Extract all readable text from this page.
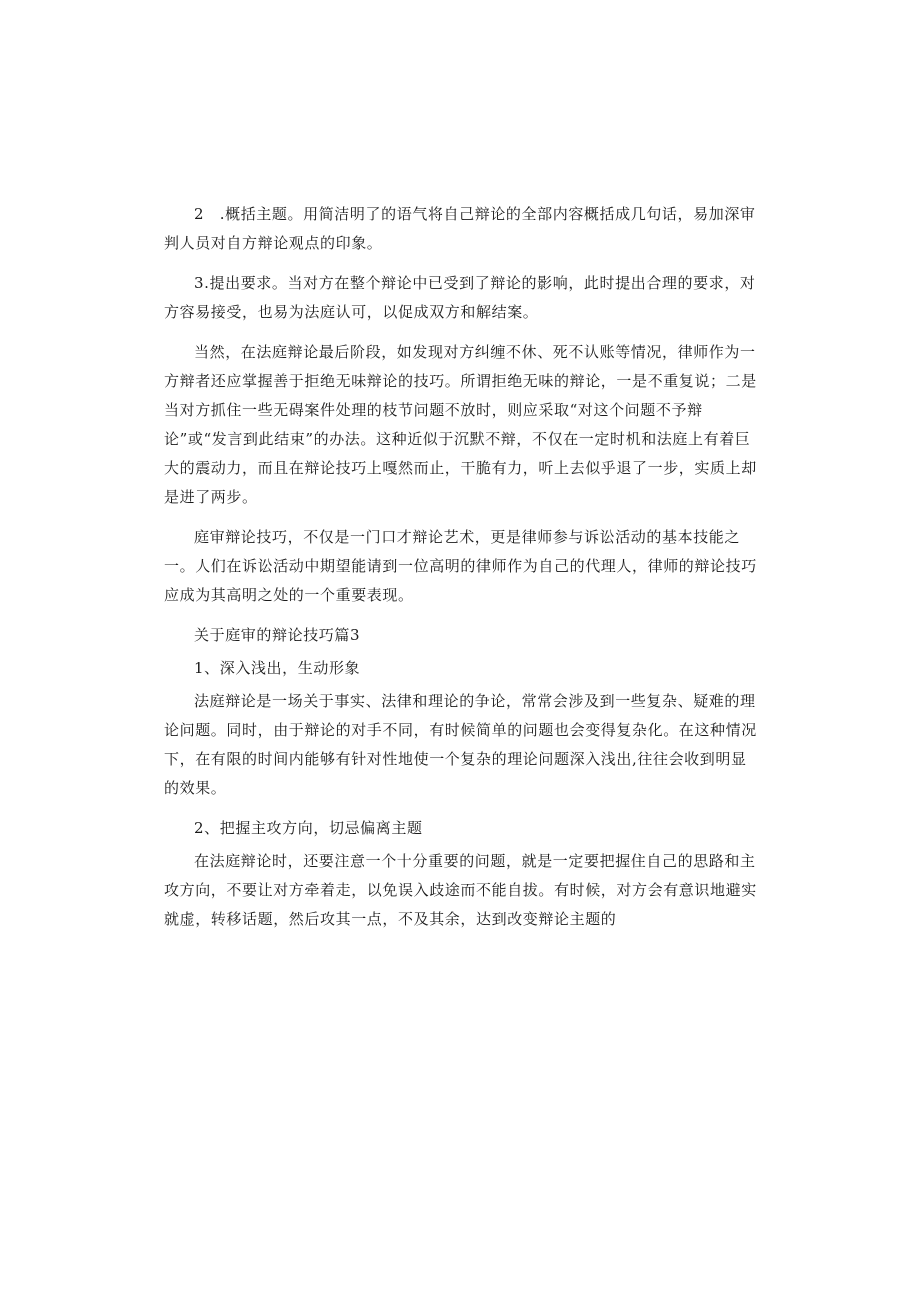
2　.概括主题。用简洁明了的语气将自己辩论的全部内容概括成几句话，易加深审判人员对自方辩论观点的印象。

3.提出要求。当对方在整个辩论中已受到了辩论的影响，此时提出合理的要求，对方容易接受，也易为法庭认可，以促成双方和解结案。

当然，在法庭辩论最后阶段，如发现对方纠缠不休、死不认账等情况，律师作为一方辩者还应掌握善于拒绝无味辩论的技巧。所谓拒绝无味的辩论，一是不重复说；二是当对方抓住一些无碍案件处理的枝节问题不放时，则应采取“对这个问题不予辩论”或“发言到此结束”的办法。这种近似于沉默不辩，不仅在一定时机和法庭上有着巨大的震动力，而且在辩论技巧上嘎然而止，干脆有力，听上去似乎退了一步，实质上却是进了两步。

庭审辩论技巧，不仅是一门口才辩论艺术，更是律师参与诉讼活动的基本技能之一。人们在诉讼活动中期望能请到一位高明的律师作为自己的代理人，律师的辩论技巧应成为其高明之处的一个重要表现。

关于庭审的辩论技巧篇3

1、深入浅出，生动形象

法庭辩论是一场关于事实、法律和理论的争论，常常会涉及到一些复杂、疑难的理论问题。同时，由于辩论的对手不同，有时候简单的问题也会变得复杂化。在这种情况下，在有限的时间内能够有针对性地使一个复杂的理论问题深入浅出,往往会收到明显的效果。

2、把握主攻方向，切忌偏离主题

在法庭辩论时，还要注意一个十分重要的问题，就是一定要把握住自己的思路和主攻方向，不要让对方牵着走，以免误入歧途而不能自拔。有时候，对方会有意识地避实就虚，转移话题，然后攻其一点，不及其余，达到改变辩论主题的
